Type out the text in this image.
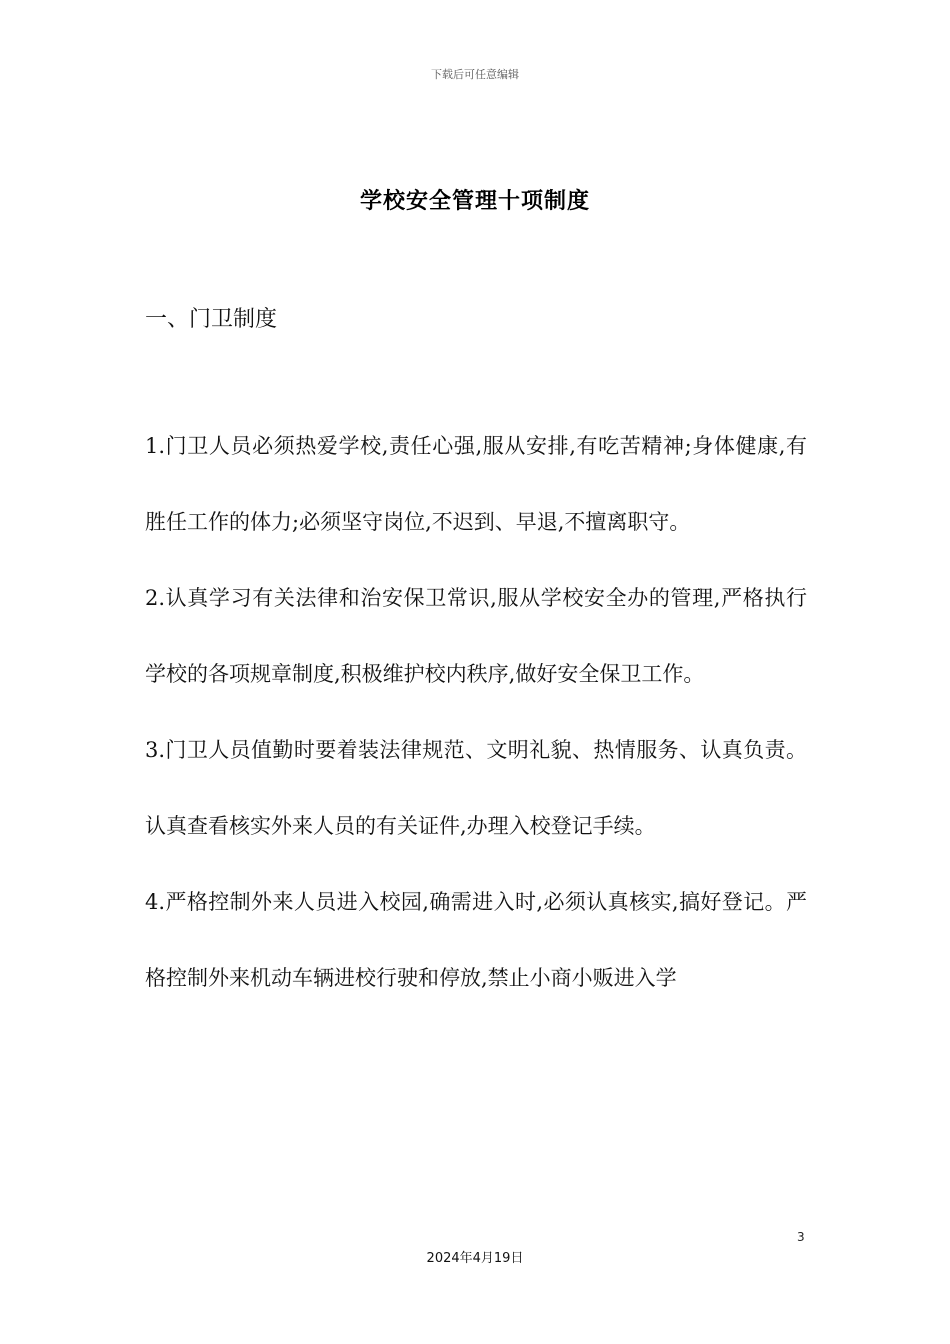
下载后可任意编辑
学校安全管理十项制度
一、门卫制度

1.门卫人员必须热爱学校,责任心强,服从安排,有吃苦精神;身体健康,有胜任工作的体力;必须坚守岗位,不迟到、早退,不擅离职守。

2.认真学习有关法律和治安保卫常识,服从学校安全办的管理,严格执行学校的各项规章制度,积极维护校内秩序,做好安全保卫工作。

3.门卫人员值勤时要着装法律规范、文明礼貌、热情服务、认真负责。认真查看核实外来人员的有关证件,办理入校登记手续。

4.严格控制外来人员进入校园,确需进入时,必须认真核实,搞好登记。严格控制外来机动车辆进校行驶和停放,禁止小商小贩进入学

3
2024年4月19日
